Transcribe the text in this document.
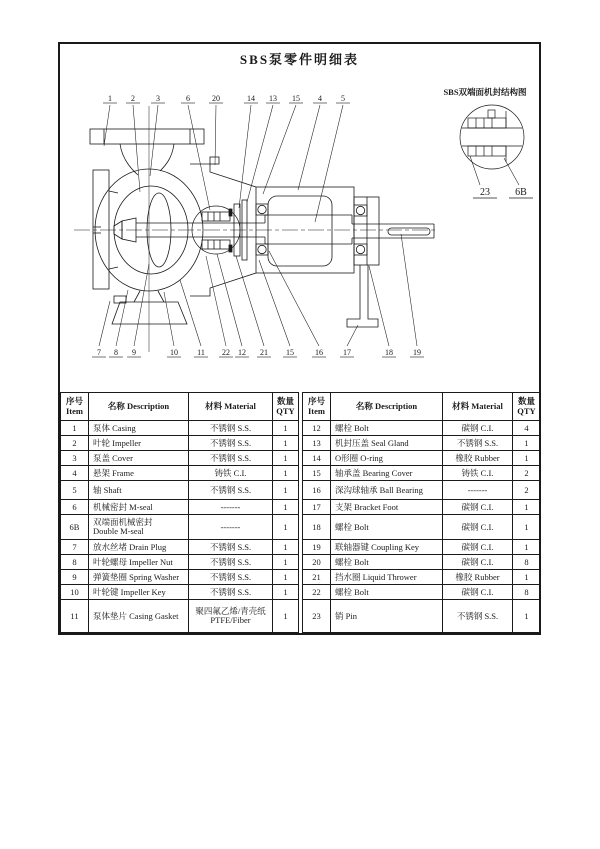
SBS泵零件明细表
1 2	3	6	20	14 13 15 4 5
7 8 9	10 11 22 12 21 15	16	17	18	19
SBS双端面机封结构图
23	6B
序号
Item	名称 Description	材料 Material	数量
QTY

1	泵体 Casing	不锈钢 S.S.	1
2	叶轮 Impeller	不锈钢 S.S.	1
3	泵盖 Cover	不锈钢 S.S.	1
4	悬架 Frame	铸铁 C.I.	1
5	轴 Shaft	不锈钢 S.S.	1
6	机械密封 M-seal	-------	1
6B	双端面机械密封
Double M-seal	-------	1
7	放水丝堵 Drain Plug	不锈钢 S.S.	1
8	叶轮螺母 Impeller Nut	不锈钢 S.S.	1
9	弹簧垫圈 Spring Washer	不锈钢 S.S.	1
10	叶轮键 Impeller Key	不锈钢 S.S.	1
11	泵体垫片 Casing Gasket	聚四氟乙烯/青壳纸
PTFE/Fiber	1
序号
Item	名称 Description	材料 Material	数量
QTY

12	螺栓 Bolt	碳钢 C.I.	4
13	机封压盖 Seal Gland	不锈钢 S.S.	1
14	O形圈 O-ring	橡胶 Rubber	1
15	轴承盖 Bearing Cover	铸铁 C.I.	2
16	深沟球轴承 Ball Bearing	-------	2
17	支架 Bracket Foot	碳钢 C.I.	1
18	螺栓 Bolt	碳钢 C.I.	1
19	联轴器键 Coupling Key	碳钢 C.I.	1
20	螺栓 Bolt	碳钢 C.I.	8
21	挡水圈 Liquid Thrower	橡胶 Rubber	1
22	螺栓 Bolt	碳钢 C.I.	8
23	销 Pin	不锈钢 S.S.	1
